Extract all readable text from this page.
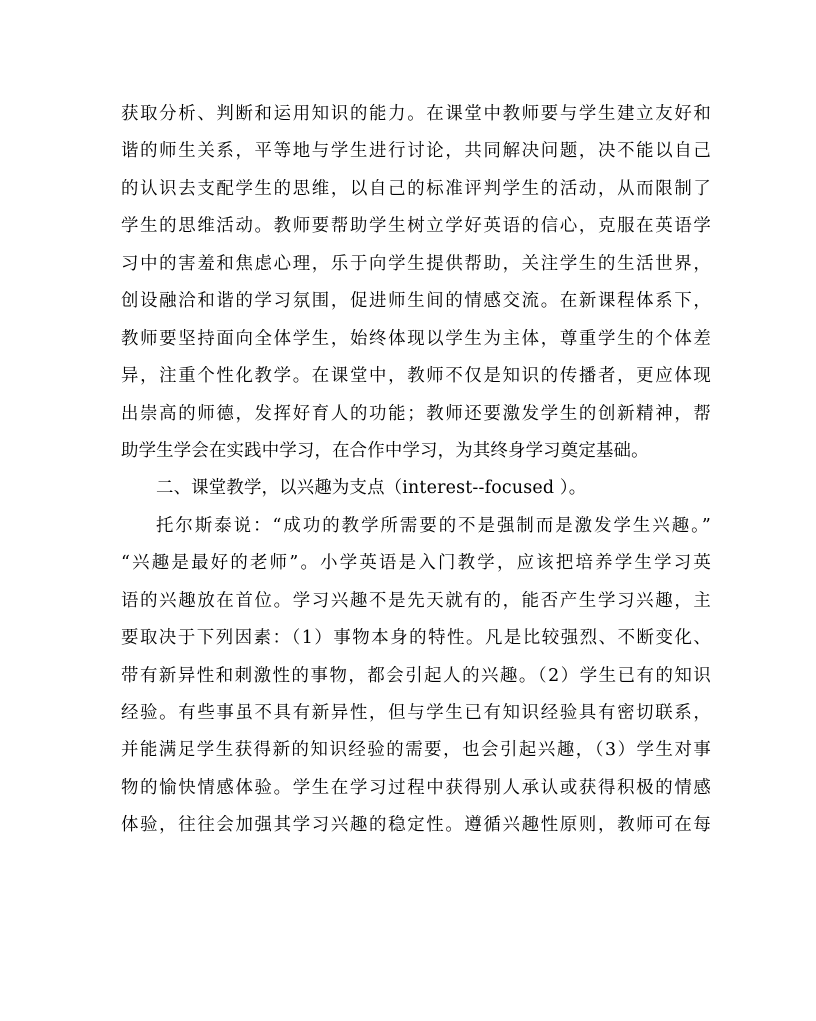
获取分析、判断和运用知识的能力。在课堂中教师要与学生建立友好和
谐的师生关系，平等地与学生进行讨论，共同解决问题，决不能以自己
的认识去支配学生的思维，以自己的标准评判学生的活动，从而限制了
学生的思维活动。教师要帮助学生树立学好英语的信心，克服在英语学
习中的害羞和焦虑心理，乐于向学生提供帮助，关注学生的生活世界，
创设融洽和谐的学习氛围，促进师生间的情感交流。在新课程体系下，
教师要坚持面向全体学生，始终体现以学生为主体，尊重学生的个体差
异，注重个性化教学。在课堂中，教师不仅是知识的传播者，更应体现
出崇高的师德，发挥好育人的功能；教师还要激发学生的创新精神，帮
助学生学会在实践中学习，在合作中学习，为其终身学习奠定基础。
二、课堂教学，以兴趣为支点（interest--focused ）。
托尔斯泰说：“成功的教学所需要的不是强制而是激发学生兴趣。”
“兴趣是最好的老师”。小学英语是入门教学，应该把培养学生学习英
语的兴趣放在首位。学习兴趣不是先天就有的，能否产生学习兴趣，主
要取决于下列因素：（1）事物本身的特性。凡是比较强烈、不断变化、
带有新异性和刺激性的事物，都会引起人的兴趣。（2）学生已有的知识
经验。有些事虽不具有新异性，但与学生已有知识经验具有密切联系，
并能满足学生获得新的知识经验的需要，也会引起兴趣，（3）学生对事
物的愉快情感体验。学生在学习过程中获得别人承认或获得积极的情感
体验，往往会加强其学习兴趣的稳定性。遵循兴趣性原则，教师可在每
